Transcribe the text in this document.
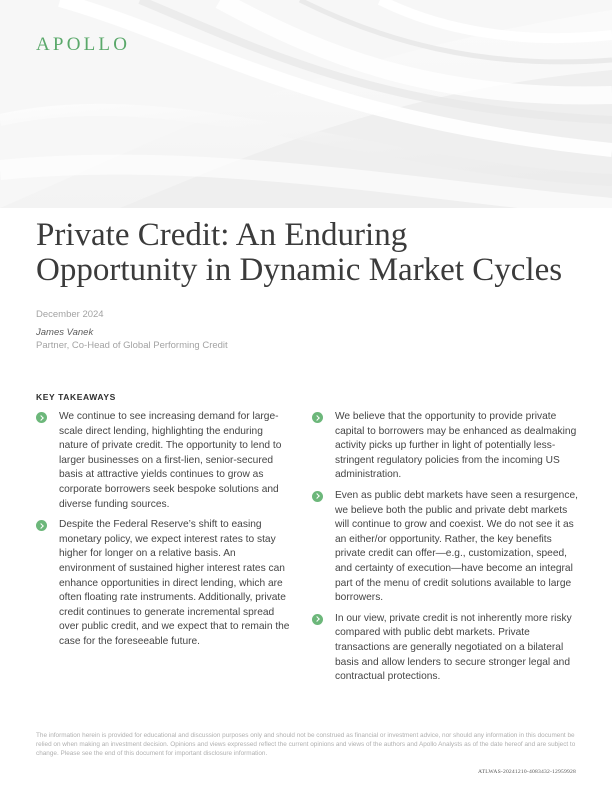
APOLLO
Private Credit: An Enduring
Opportunity in Dynamic Market Cycles
December 2024
James Vanek
Partner, Co-Head of Global Performing Credit
KEY TAKEAWAYS
We continue to see increasing demand for large-scale direct lending, highlighting the enduring nature of private credit. The opportunity to lend to larger businesses on a first-lien, senior-secured basis at attractive yields continues to grow as corporate borrowers seek bespoke solutions and diverse funding sources.
Despite the Federal Reserve’s shift to easing monetary policy, we expect interest rates to stay higher for longer on a relative basis. An environment of sustained higher interest rates can enhance opportunities in direct lending, which are often floating rate instruments. Additionally, private credit continues to generate incremental spread over public credit, and we expect that to remain the case for the foreseeable future.
We believe that the opportunity to provide private capital to borrowers may be enhanced as dealmaking activity picks up further in light of potentially less-stringent regulatory policies from the incoming US administration.
Even as public debt markets have seen a resurgence, we believe both the public and private debt markets will continue to grow and coexist. We do not see it as an either/or opportunity. Rather, the key benefits private credit can offer—e.g., customization, speed, and certainty of execution—have become an integral part of the menu of credit solutions available to large borrowers.
In our view, private credit is not inherently more risky compared with public debt markets. Private transactions are generally negotiated on a bilateral basis and allow lenders to secure stronger legal and contractual protections.
The information herein is provided for educational and discussion purposes only and should not be construed as financial or investment advice, nor should any information in this document be relied on when making an investment decision. Opinions and views expressed reflect the current opinions and views of the authors and Apollo Analysts as of the date hereof and are subject to change. Please see the end of this document for important disclosure information.
ATLWAS-20241210-4083432-12959928
